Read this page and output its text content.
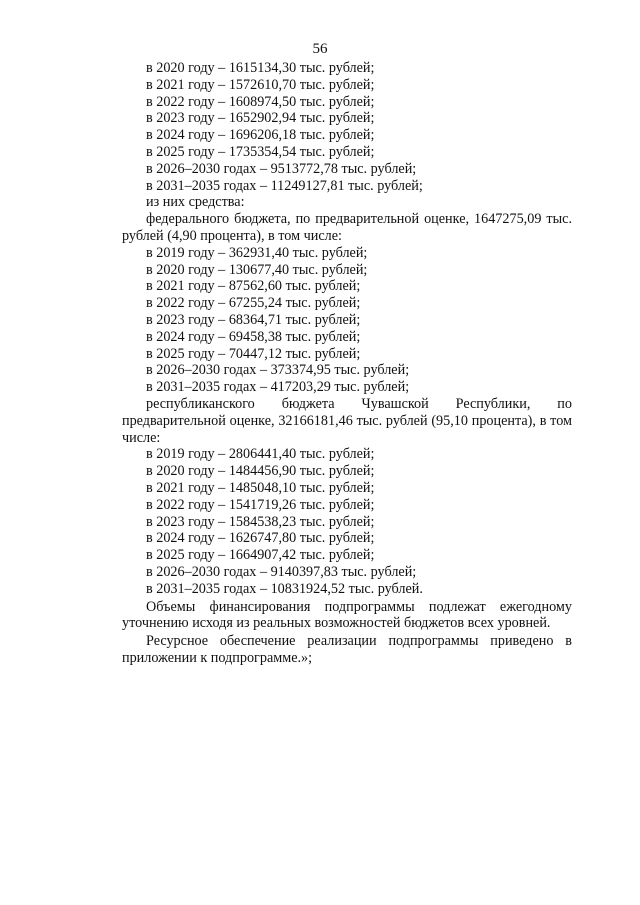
56
в 2020 году – 1615134,30 тыс. рублей;
в 2021 году – 1572610,70 тыс. рублей;
в 2022 году – 1608974,50 тыс. рублей;
в 2023 году – 1652902,94 тыс. рублей;
в 2024 году – 1696206,18 тыс. рублей;
в 2025 году – 1735354,54 тыс. рублей;
в 2026–2030 годах – 9513772,78 тыс. рублей;
в 2031–2035 годах – 11249127,81 тыс. рублей;
из них средства:
федерального бюджета, по предварительной оценке, 1647275,09 тыс. рублей (4,90 процента), в том числе:
в 2019 году – 362931,40 тыс. рублей;
в 2020 году – 130677,40 тыс. рублей;
в 2021 году – 87562,60 тыс. рублей;
в 2022 году – 67255,24 тыс. рублей;
в 2023 году – 68364,71 тыс. рублей;
в 2024 году – 69458,38 тыс. рублей;
в 2025 году – 70447,12 тыс. рублей;
в 2026–2030 годах – 373374,95 тыс. рублей;
в 2031–2035 годах – 417203,29 тыс. рублей;
республиканского бюджета Чувашской Республики, по предварительной оценке, 32166181,46 тыс. рублей (95,10 процента), в том числе:
в 2019 году – 2806441,40 тыс. рублей;
в 2020 году – 1484456,90 тыс. рублей;
в 2021 году – 1485048,10 тыс. рублей;
в 2022 году – 1541719,26 тыс. рублей;
в 2023 году – 1584538,23 тыс. рублей;
в 2024 году – 1626747,80 тыс. рублей;
в 2025 году – 1664907,42 тыс. рублей;
в 2026–2030 годах – 9140397,83 тыс. рублей;
в 2031–2035 годах – 10831924,52 тыс. рублей.
Объемы финансирования подпрограммы подлежат ежегодному уточнению исходя из реальных возможностей бюджетов всех уровней.
Ресурсное обеспечение реализации подпрограммы приведено в приложении к подпрограмме.»;
